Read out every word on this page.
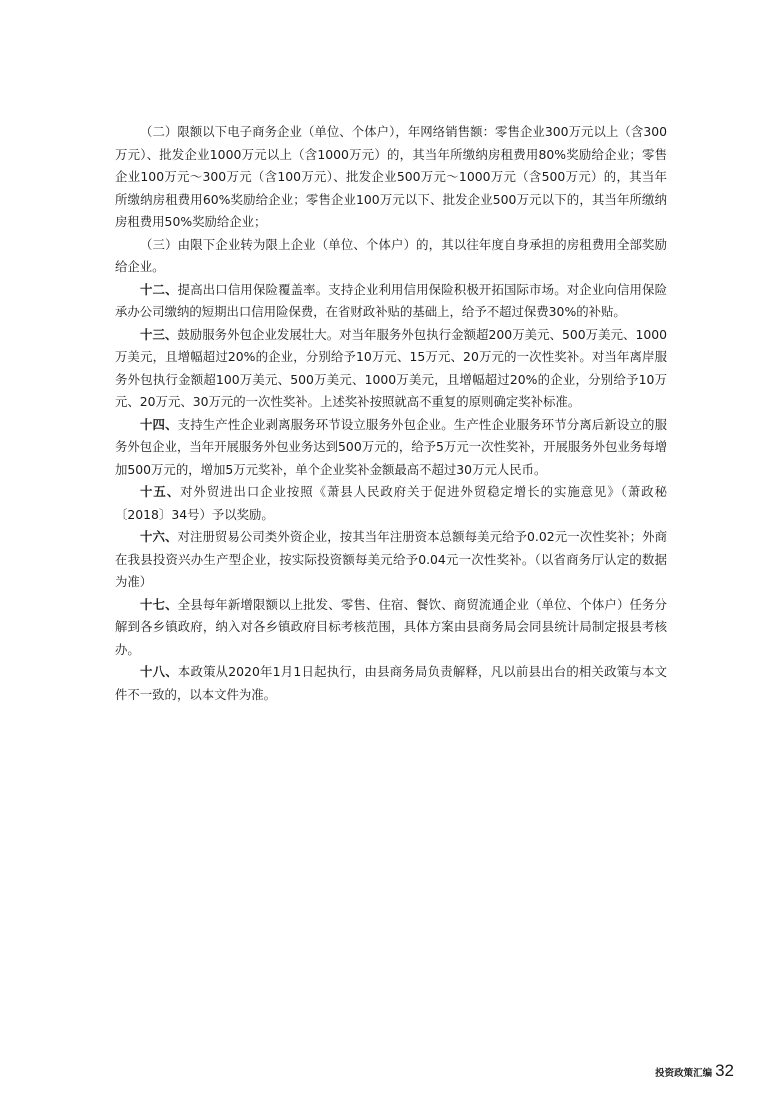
（二）限额以下电子商务企业（单位、个体户），年网络销售额：零售企业300万元以上（含300万元）、批发企业1000万元以上（含1000万元）的，其当年所缴纳房租费用80%奖励给企业；零售企业100万元～300万元（含100万元）、批发企业500万元～1000万元（含500万元）的，其当年所缴纳房租费用60%奖励给企业；零售企业100万元以下、批发企业500万元以下的，其当年所缴纳房租费用50%奖励给企业；

（三）由限下企业转为限上企业（单位、个体户）的，其以往年度自身承担的房租费用全部奖励给企业。

十二、提高出口信用保险覆盖率。支持企业利用信用保险积极开拓国际市场。对企业向信用保险承办公司缴纳的短期出口信用险保费，在省财政补贴的基础上，给予不超过保费30%的补贴。

十三、鼓励服务外包企业发展壮大。对当年服务外包执行金额超200万美元、500万美元、1000万美元，且增幅超过20%的企业，分别给予10万元、15万元、20万元的一次性奖补。对当年离岸服务外包执行金额超100万美元、500万美元、1000万美元，且增幅超过20%的企业，分别给予10万元、20万元、30万元的一次性奖补。上述奖补按照就高不重复的原则确定奖补标准。

十四、支持生产性企业剥离服务环节设立服务外包企业。生产性企业服务环节分离后新设立的服务外包企业，当年开展服务外包业务达到500万元的，给予5万元一次性奖补，开展服务外包业务每增加500万元的，增加5万元奖补，单个企业奖补金额最高不超过30万元人民币。

十五、对外贸进出口企业按照《萧县人民政府关于促进外贸稳定增长的实施意见》（萧政秘〔2018〕34号）予以奖励。

十六、对注册贸易公司类外资企业，按其当年注册资本总额每美元给予0.02元一次性奖补；外商在我县投资兴办生产型企业，按实际投资额每美元给予0.04元一次性奖补。（以省商务厅认定的数据为准）

十七、全县每年新增限额以上批发、零售、住宿、餐饮、商贸流通企业（单位、个体户）任务分解到各乡镇政府，纳入对各乡镇政府目标考核范围，具体方案由县商务局会同县统计局制定报县考核办。

十八、本政策从2020年1月1日起执行，由县商务局负责解释，凡以前县出台的相关政策与本文件不一致的，以本文件为准。

投资政策汇编 32
